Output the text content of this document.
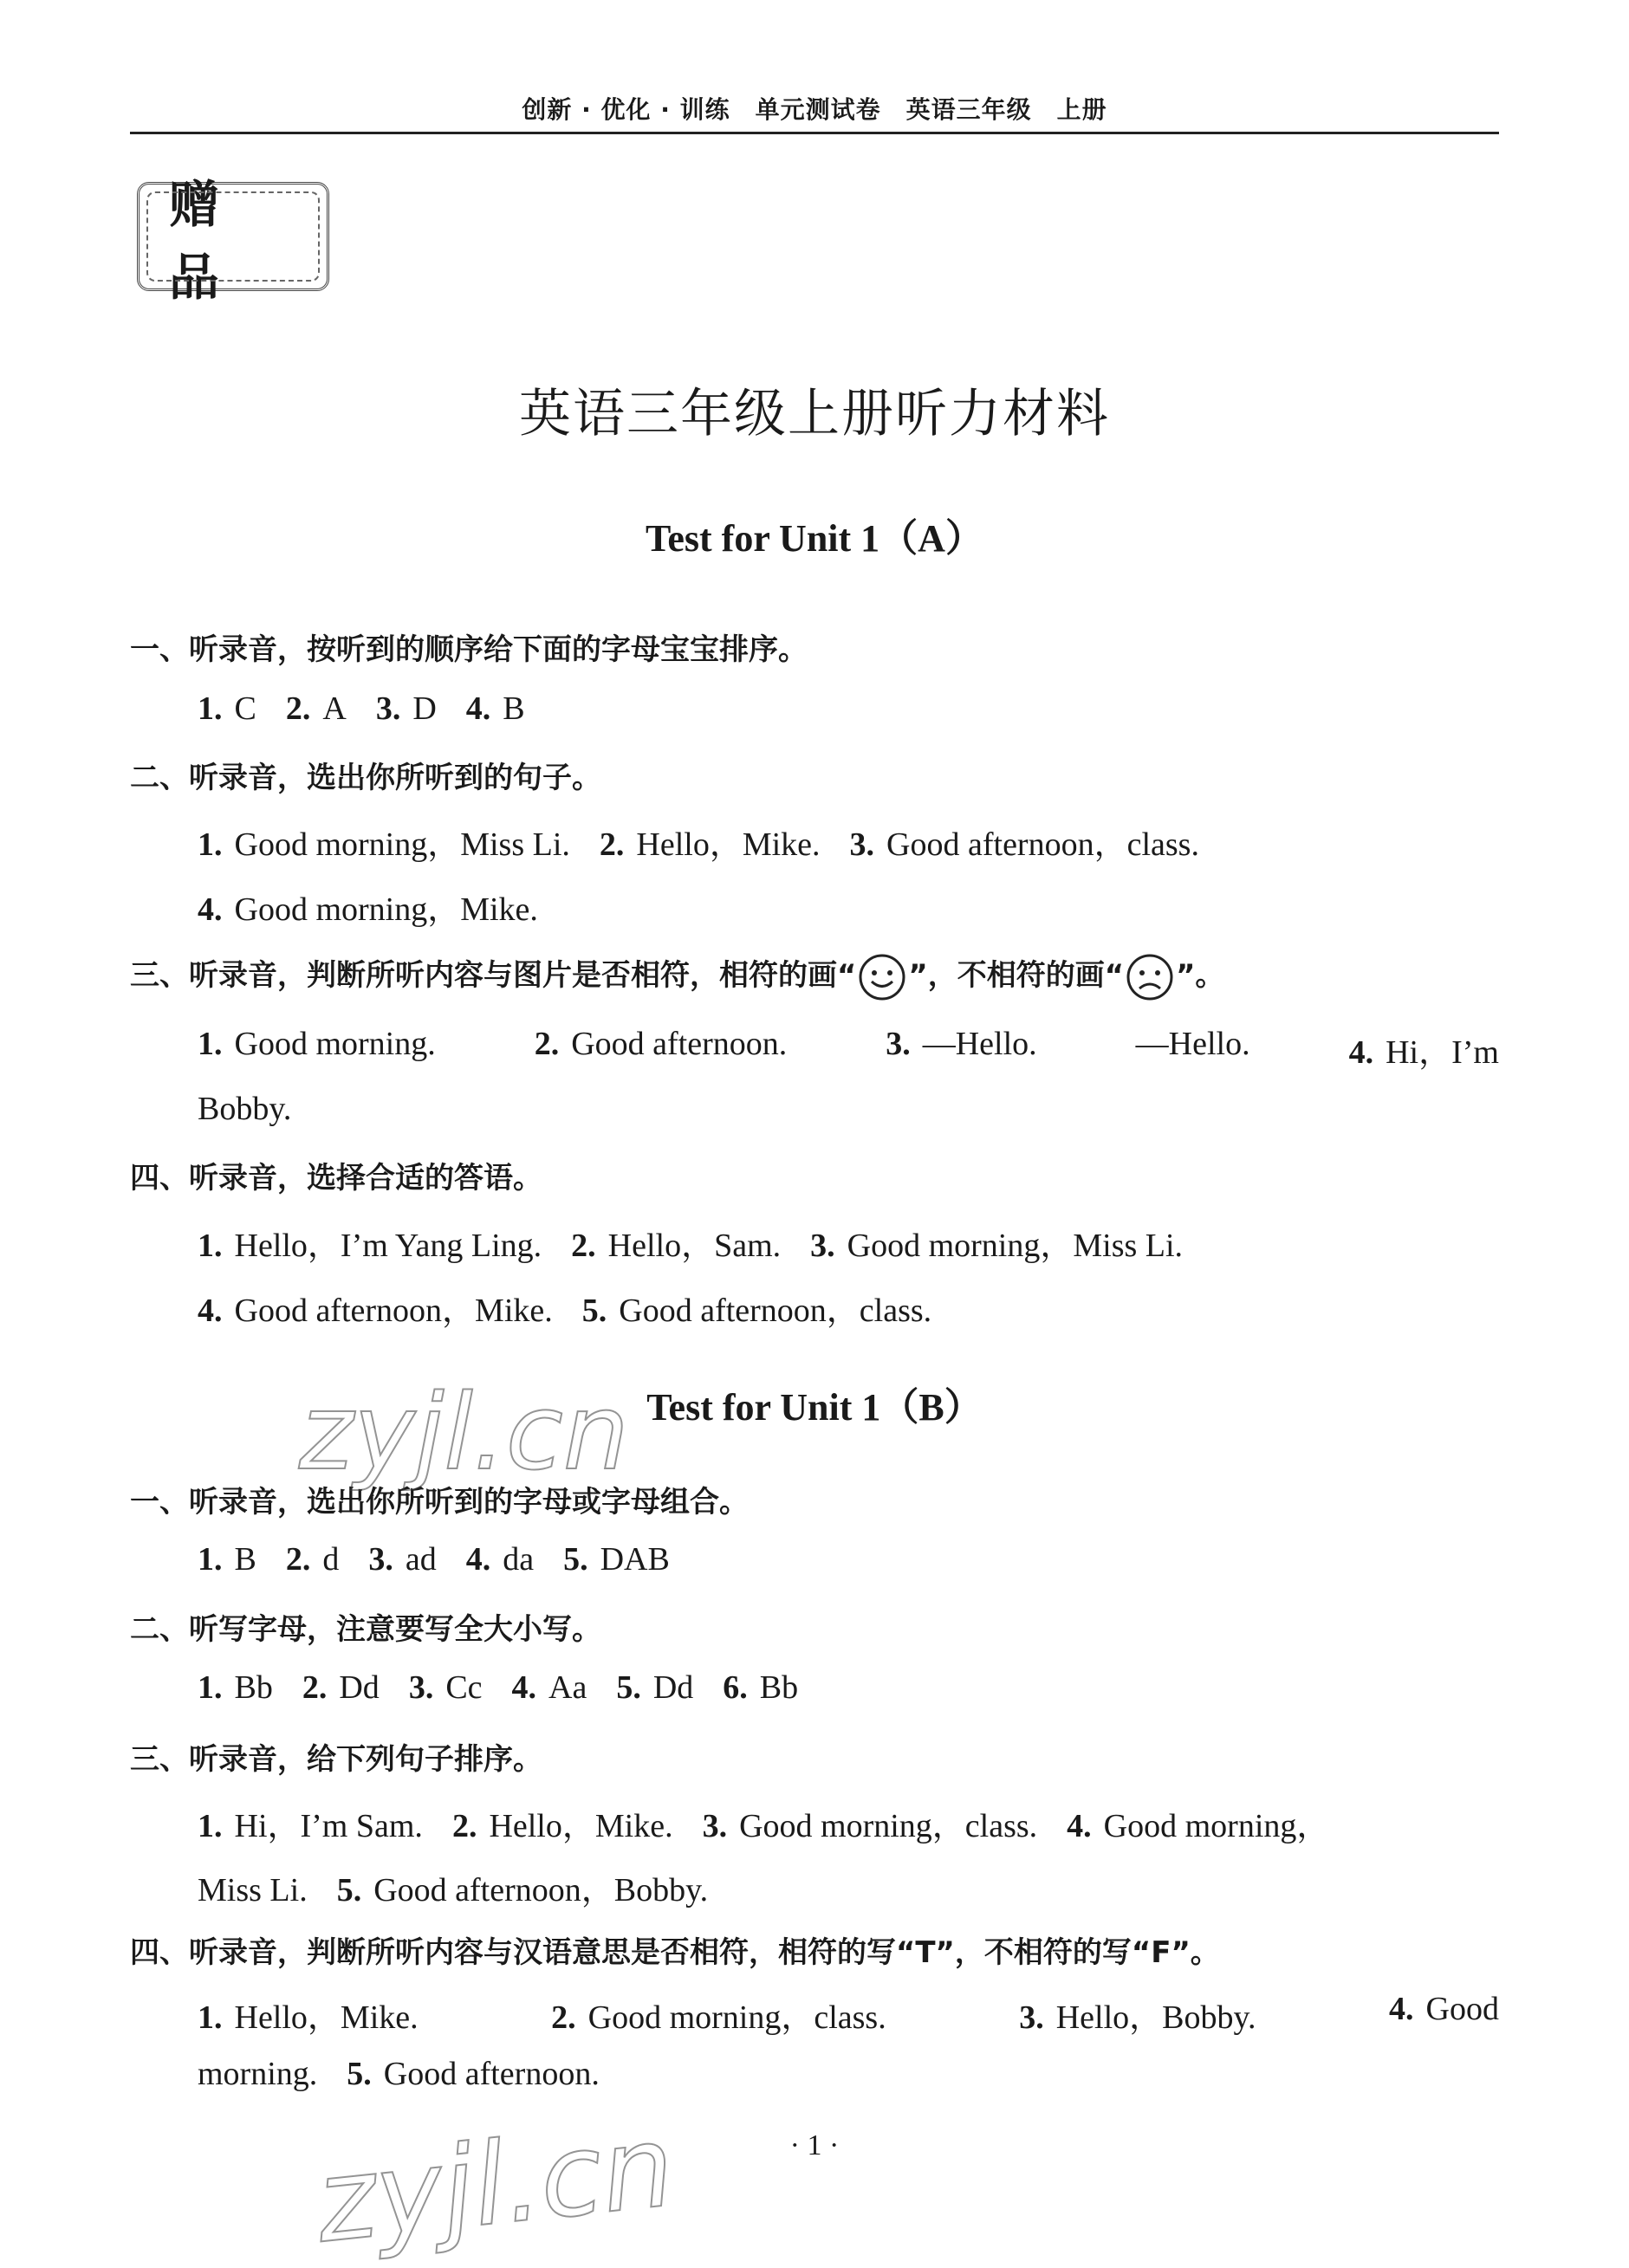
创新 · 优化 · 训练　单元测试卷　英语三年级　上册
赠 品
英语三年级上册听力材料
Test for Unit 1（A）
一、听录音，按听到的顺序给下面的字母宝宝排序。
1. C 2. A 3. D 4. B
二、听录音，选出你所听到的句子。
1. Good morning，Miss Li. 2. Hello，Mike. 3. Good afternoon，class.
4. Good morning，Mike.
三、听录音，判断所听内容与图片是否相符，相符的画“ ”，不相符的画“ ”。
1. Good morning.	2. Good afternoon.	3. —Hello.	—Hello.	4. Hi，I’m
Bobby.
四、听录音，选择合适的答语。
1. Hello，I’m Yang Ling. 2. Hello，Sam. 3. Good morning，Miss Li.
4. Good afternoon，Mike. 5. Good afternoon，class.
Test for Unit 1（B）
一、听录音，选出你所听到的字母或字母组合。
1. B 2. d 3. ad 4. da 5. DAB
二、听写字母，注意要写全大小写。
1. Bb 2. Dd 3. Cc 4. Aa 5. Dd 6. Bb
三、听录音，给下列句子排序。
1. Hi，I’m Sam. 2. Hello，Mike. 3. Good morning，class. 4. Good morning，
Miss Li. 5. Good afternoon，Bobby.
四、听录音，判断所听内容与汉语意思是否相符，相符的写“T”，不相符的写“F”。
1. Hello，Mike.	2. Good morning，class.	3. Hello，Bobby.	4. Good
morning. 5. Good afternoon.
· 1 ·
zyjl.cn
zyjl.cn
